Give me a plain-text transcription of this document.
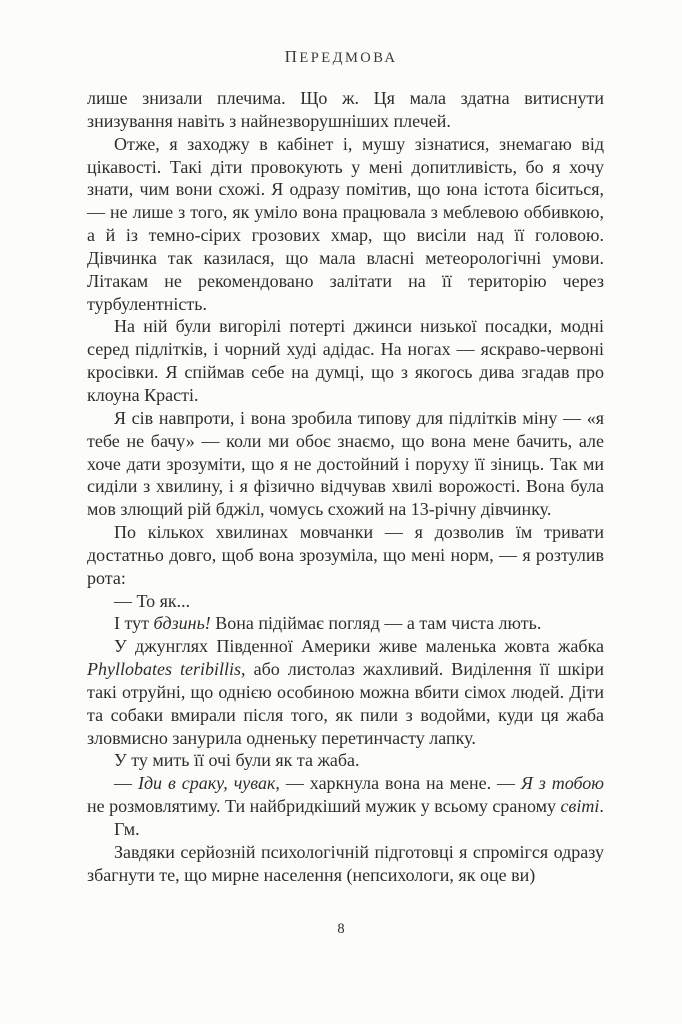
ПЕРЕДМОВА

лише знизали плечима. Що ж. Ця мала здатна витиснути знизування навіть з найнезворушніших плечей.

Отже, я заходжу в кабінет і, мушу зізнатися, знемагаю від цікавості. Такі діти провокують у мені допитливість, бо я хочу знати, чим вони схожі. Я одразу помітив, що юна істота біситься, — не лише з того, як уміло вона працювала з меблевою оббивкою, а й із темно-сірих грозових хмар, що висіли над її головою. Дівчинка так казилася, що мала власні метеорологічні умови. Літакам не рекомендовано залітати на її територію через турбулентність.

На ній були вигорілі потерті джинси низької посадки, модні серед підлітків, і чорний худі адідас. На ногах — яскраво-червоні кросівки. Я спіймав себе на думці, що з якогось дива згадав про клоуна Красті.

Я сів навпроти, і вона зробила типову для підлітків міну — «я тебе не бачу» — коли ми обоє знаємо, що вона мене бачить, але хоче дати зрозуміти, що я не достойний і поруху її зіниць. Так ми сиділи з хвилину, і я фізично відчував хвилі ворожості. Вона була мов злющий рій бджіл, чомусь схожий на 13-річну дівчинку.

По кількох хвилинах мовчанки — я дозволив їм тривати достатньо довго, щоб вона зрозуміла, що мені норм, — я розтулив рота:

— То як...

І тут бдзинь! Вона підіймає погляд — а там чиста лють.

У джунглях Південної Америки живе маленька жовта жабка Phyllobates teribillis, або листолаз жахливий. Виділення її шкіри такі отруйні, що однією особиною можна вбити сімох людей. Діти та собаки вмирали після того, як пили з водойми, куди ця жаба зловмисно занурила одненьку перетинчасту лапку.

У ту мить її очі були як та жаба.

— Іди в сраку, чувак, — харкнула вона на мене. — Я з тобою не розмовлятиму. Ти найбридкіший мужик у всьому сраному світі.

Гм.

Завдяки серйозній психологічній підготовці я спромігся одразу збагнути те, що мирне населення (непсихологи, як оце ви)

8
